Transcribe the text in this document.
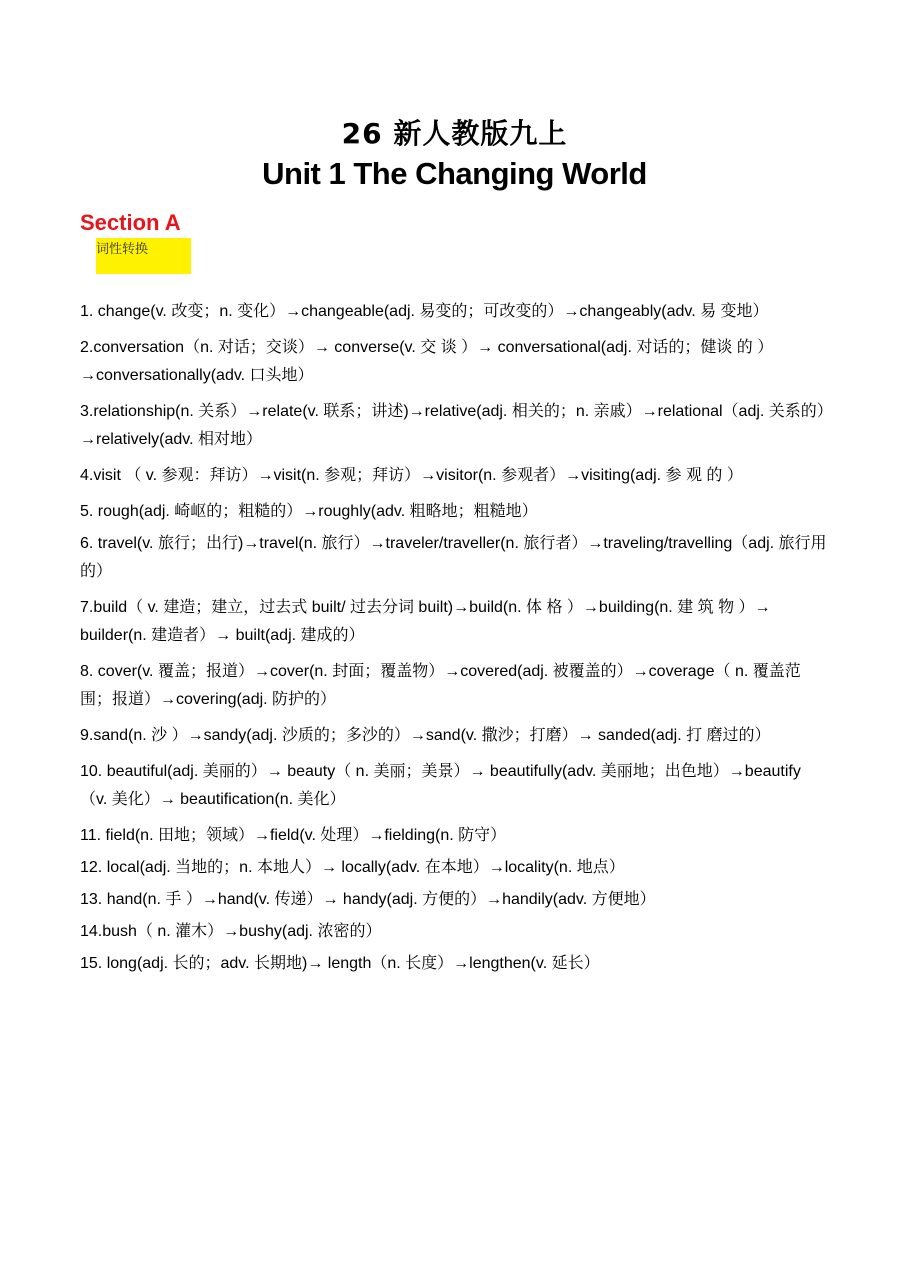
26 新人教版九上
Unit 1 The Changing World
Section A
词性转换
1. change(v. 改变；n. 变化）→changeable(adj. 易变的；可改变的）→changeably(adv. 易 变地）
2.conversation（n. 对话；交谈）→ converse(v. 交 谈 ）→ conversational(adj. 对话的；健谈 的 ）→conversationally(adv. 口头地）
3.relationship(n. 关系）→relate(v. 联系；讲述)→relative(adj. 相关的；n. 亲戚）→relational（adj. 关系的）→relatively(adv. 相对地）
4.visit （ v. 参观：拜访）→visit(n. 参观；拜访）→visitor(n. 参观者）→visiting(adj. 参 观 的 ）
5. rough(adj. 崎岖的；粗糙的）→roughly(adv. 粗略地；粗糙地）
6. travel(v. 旅行；出行)→travel(n. 旅行）→traveler/traveller(n. 旅行者）→traveling/travelling（adj. 旅行用的）
7.build（ v. 建造；建立，过去式 built/ 过去分词 built)→build(n. 体 格 ）→building(n. 建 筑 物 ）→ builder(n. 建造者）→ built(adj. 建成的）
8. cover(v. 覆盖；报道）→cover(n. 封面；覆盖物）→covered(adj. 被覆盖的）→coverage（ n. 覆盖范围；报道）→covering(adj. 防护的）
9.sand(n. 沙 ）→sandy(adj. 沙质的；多沙的）→sand(v. 撒沙；打磨）→ sanded(adj. 打 磨过的）
10. beautiful(adj. 美丽的）→ beauty（ n. 美丽；美景）→ beautifully(adv. 美丽地；出色地）→beautify（v. 美化）→ beautification(n. 美化）
11. field(n. 田地；领域）→field(v. 处理）→fielding(n. 防守）
12. local(adj. 当地的；n. 本地人）→ locally(adv. 在本地）→locality(n. 地点）
13. hand(n. 手 ）→hand(v. 传递）→ handy(adj. 方便的）→handily(adv. 方便地）
14.bush（ n. 灌木）→bushy(adj. 浓密的）
15. long(adj. 长的；adv. 长期地)→ length（n. 长度）→lengthen(v. 延长）
